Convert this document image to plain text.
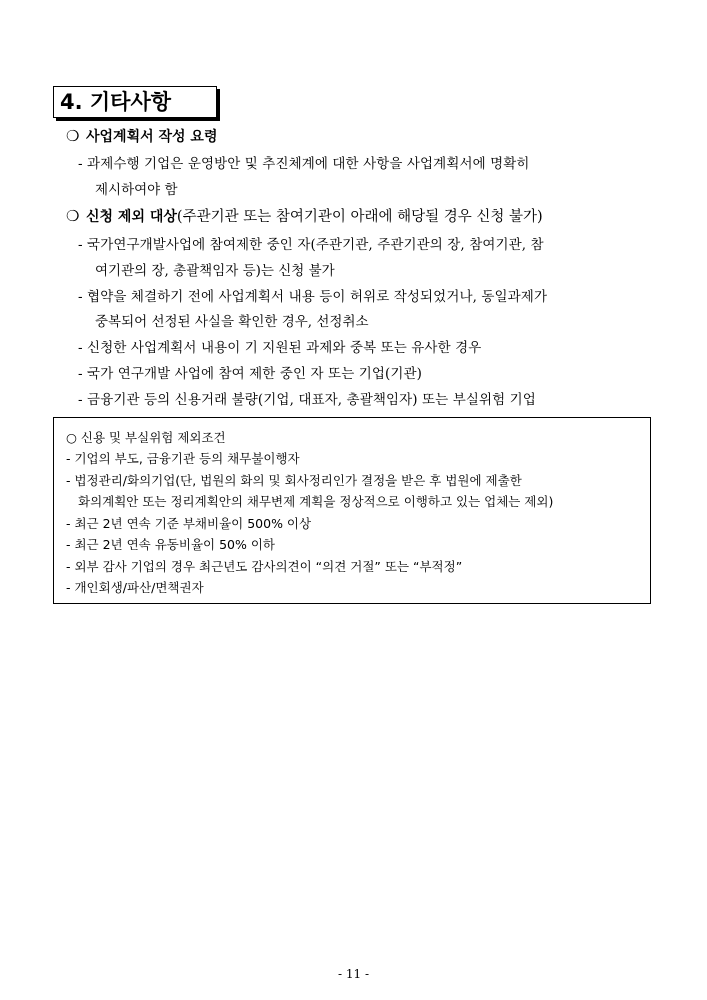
4. 기타사항
❍ 사업계획서 작성 요령
- 과제수행 기업은 운영방안 및 추진체계에 대한 사항을 사업계획서에 명확히
제시하여야 함
❍ 신청 제외 대상(주관기관 또는 참여기관이 아래에 해당될 경우 신청 불가)
- 국가연구개발사업에 참여제한 중인 자(주관기관, 주관기관의 장, 참여기관, 참
여기관의 장, 총괄책임자 등)는 신청 불가
- 협약을 체결하기 전에 사업계획서 내용 등이 허위로 작성되었거나, 동일과제가
중복되어 선정된 사실을 확인한 경우, 선정취소
- 신청한 사업계획서 내용이 기 지원된 과제와 중복 또는 유사한 경우
- 국가 연구개발 사업에 참여 제한 중인 자 또는 기업(기관)
- 금융기관 등의 신용거래 불량(기업, 대표자, 총괄책임자) 또는 부실위험 기업
○ 신용 및 부실위험 제외조건
- 기업의 부도, 금융기관 등의 채무불이행자
- 법정관리/화의기업(단, 법원의 화의 및 회사정리인가 결정을 받은 후 법원에 제출한
화의계획안 또는 정리계획안의 채무변제 계획을 정상적으로 이행하고 있는 업체는 제외)
- 최근 2년 연속 기준 부채비율이 500% 이상
- 최근 2년 연속 유동비율이 50% 이하
- 외부 감사 기업의 경우 최근년도 감사의견이 “의견 거절” 또는 “부적정”
- 개인회생/파산/면책권자
- 11 -
